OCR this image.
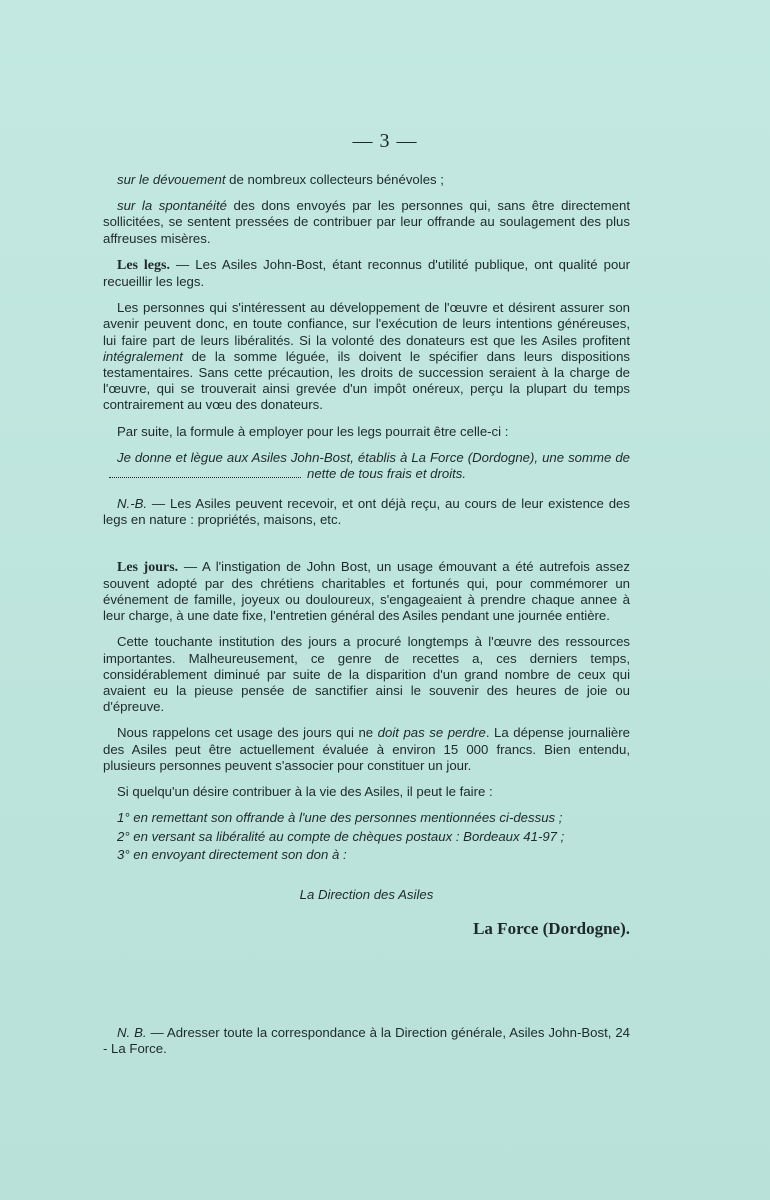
— 3 —

sur le dévouement de nombreux collecteurs bénévoles ;

sur la spontanéité des dons envoyés par les personnes qui, sans être directement sollicitées, se sentent pressées de contribuer par leur offrande au soulagement des plus affreuses misères.

Les legs. — Les Asiles John-Bost, étant reconnus d'utilité publique, ont qualité pour recueillir les legs.

Les personnes qui s'intéressent au développement de l'œuvre et désirent assurer son avenir peuvent donc, en toute confiance, sur l'exécution de leurs intentions généreuses, lui faire part de leurs libéralités. Si la volonté des donateurs est que les Asiles profitent intégralement de la somme léguée, ils doivent le spécifier dans leurs dispositions testamentaires. Sans cette précaution, les droits de succession seraient à la charge de l'œuvre, qui se trouverait ainsi grevée d'un impôt onéreux, perçu la plupart du temps contrairement au vœu des donateurs.

Par suite, la formule à employer pour les legs pourrait être celle-ci :

Je donne et lègue aux Asiles John-Bost, établis à La Force (Dordogne), une somme de nette de tous frais et droits.

N.-B. — Les Asiles peuvent recevoir, et ont déjà reçu, au cours de leur existence des legs en nature : propriétés, maisons, etc.

Les jours. — A l'instigation de John Bost, un usage émouvant a été autrefois assez souvent adopté par des chrétiens charitables et fortunés qui, pour commémorer un événement de famille, joyeux ou douloureux, s'engageaient à prendre chaque annee à leur charge, à une date fixe, l'entretien général des Asiles pendant une journée entière.

Cette touchante institution des jours a procuré longtemps à l'œuvre des ressources importantes. Malheureusement, ce genre de recettes a, ces derniers temps, considérablement diminué par suite de la disparition d'un grand nombre de ceux qui avaient eu la pieuse pensée de sanctifier ainsi le souvenir des heures de joie ou d'épreuve.

Nous rappelons cet usage des jours qui ne doit pas se perdre. La dépense journalière des Asiles peut être actuellement évaluée à environ 15 000 francs. Bien entendu, plusieurs personnes peuvent s'associer pour constituer un jour.

Si quelqu'un désire contribuer à la vie des Asiles, il peut le faire :

1° en remettant son offrande à l'une des personnes mentionnées ci-dessus ;

2° en versant sa libéralité au compte de chèques postaux : Bordeaux 41-97 ;

3° en envoyant directement son don à :

La Direction des Asiles

La Force (Dordogne).

N. B. — Adresser toute la correspondance à la Direction générale, Asiles John-Bost, 24 - La Force.
